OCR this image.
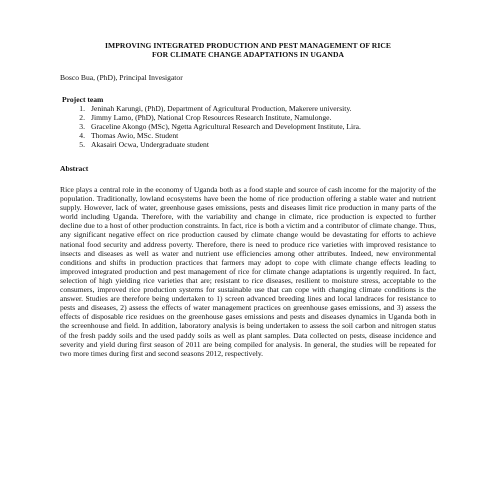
IMPROVING INTEGRATED PRODUCTION AND PEST MANAGEMENT OF RICE
FOR CLIMATE CHANGE ADAPTATIONS IN UGANDA

Bosco Bua, (PhD), Principal Invesigator
Project team
1. Jeninah Karungi, (PhD), Department of Agricultural Production, Makerere university.
2. Jimmy Lamo, (PhD), National Crop Resources Research Institute, Namulonge.
3. Graceline Akongo (MSc), Ngetta Agricultural Research and Development Institute, Lira.
4. Thomas Awio, MSc. Student
5. Akasairi Ocwa, Undergraduate student
Abstract

Rice plays a central role in the economy of Uganda both as a food staple and source of cash income for the majority of the population. Traditionally, lowland ecosystems have been the home of rice production offering a stable water and nutrient supply. However, lack of water, greenhouse gases emissions, pests and diseases limit rice production in many parts of the world including Uganda. Therefore, with the variability and change in climate, rice production is expected to further decline due to a host of other production constraints. In fact, rice is both a victim and a contributor of climate change. Thus, any significant negative effect on rice production caused by climate change would be devastating for efforts to achieve national food security and address poverty. Therefore, there is need to produce rice varieties with improved resistance to insects and diseases as well as water and nutrient use efficiencies among other attributes. Indeed, new environmental conditions and shifts in production practices that farmers may adopt to cope with climate change effects leading to improved integrated production and pest management of rice for climate change adaptations is urgently required. In fact, selection of high yielding rice varieties that are; resistant to rice diseases, resilient to moisture stress, acceptable to the consumers, improved rice production systems for sustainable use that can cope with changing climate conditions is the answer. Studies are therefore being undertaken to 1) screen advanced breeding lines and local landraces for resistance to pests and diseases, 2) assess the effects of water management practices on greenhouse gases emissions, and 3) assess the effects of disposable rice residues on the greenhouse gases emissions and pests and diseases dynamics in Uganda both in the screenhouse and field. In addition, laboratory analysis is being undertaken to assess the soil carbon and nitrogen status of the fresh paddy soils and the used paddy soils as well as plant samples. Data collected on pests, disease incidence and severity and yield during first season of 2011 are being compiled for analysis. In general, the studies will be repeated for two more times during first and second seasons 2012, respectively.
